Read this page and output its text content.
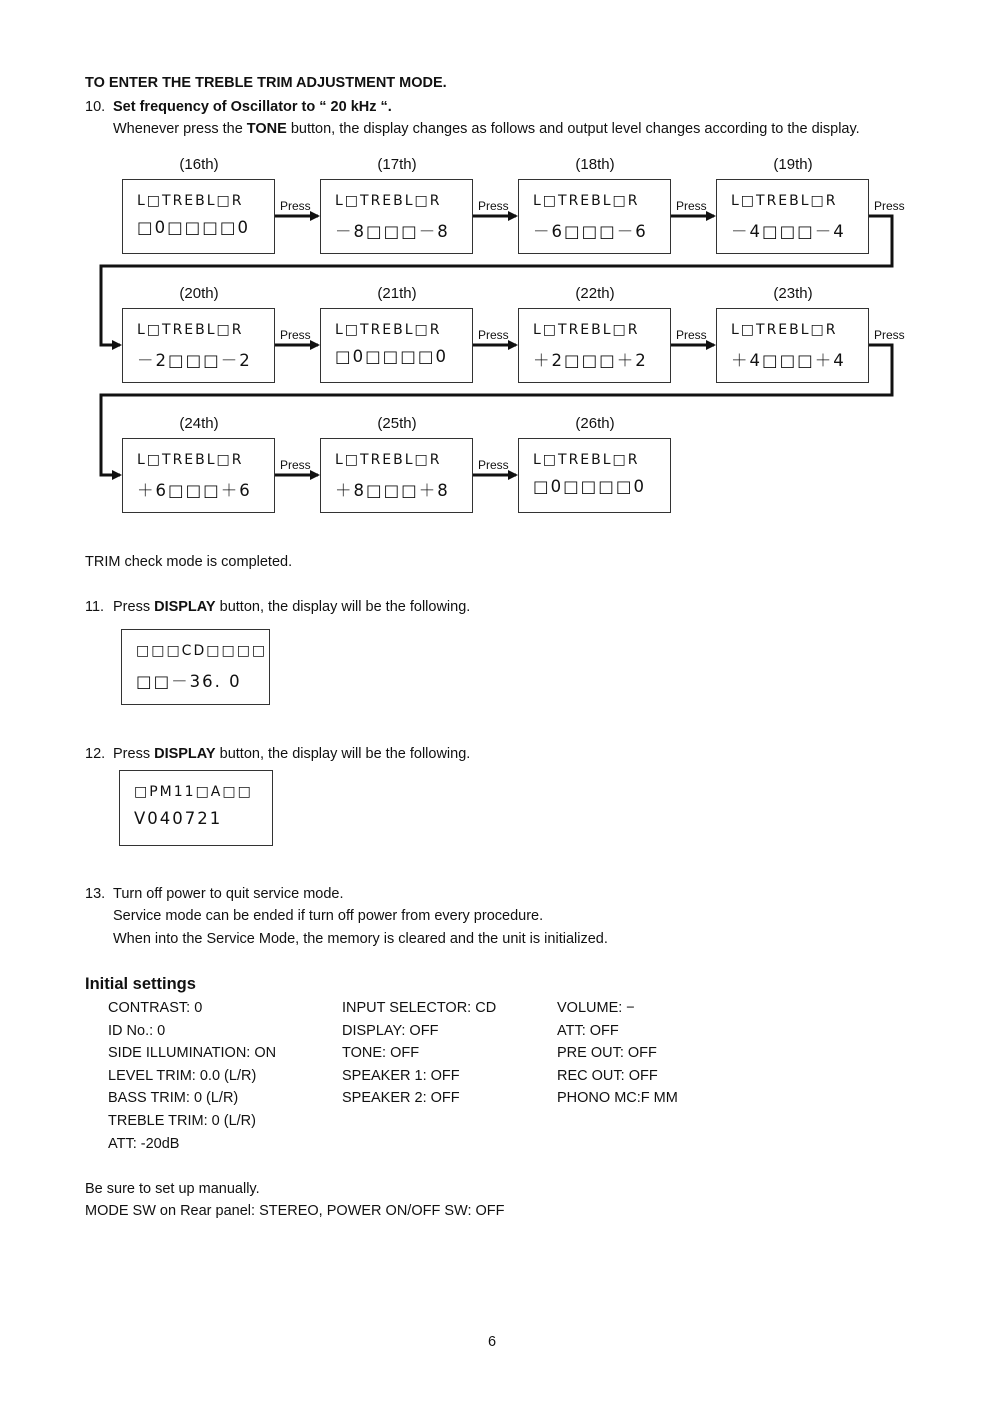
TO ENTER THE TREBLE TRIM ADJUSTMENT MODE.
10. Set frequency of Oscillator to “ 20 kHz “.
Whenever press the TONE button, the display changes as follows and output level changes according to the display.
(16th)
L□TREBL□R
□0□□□□0
Press
(17th)
L□TREBL□R
－8□□□－8
Press
(18th)
L□TREBL□R
－6□□□－6
Press
(19th)
L□TREBL□R
－4□□□－4
Press
(20th)
L□TREBL□R
－2□□□－2
Press
(21th)
L□TREBL□R
□0□□□□0
Press
(22th)
L□TREBL□R
＋2□□□＋2
Press
(23th)
L□TREBL□R
＋4□□□＋4
Press
(24th)
L□TREBL□R
＋6□□□＋6
Press
(25th)
L□TREBL□R
＋8□□□＋8
Press
(26th)
L□TREBL□R
□0□□□□0
TRIM check mode is completed.
11. Press DISPLAY button, the display will be the following.
□□□CD□□□□
□□－36. 0
12. Press DISPLAY button, the display will be the following.
□PM11□A□□
V040721
13. Turn off power to quit service mode.
Service mode can be ended if turn off power from every procedure.
When into the Service Mode, the memory is cleared and the unit is initialized.
Initial settings
CONTRAST: 0
ID No.: 0
SIDE ILLUMINATION: ON
LEVEL TRIM: 0.0 (L/R)
BASS TRIM: 0 (L/R)
TREBLE TRIM: 0 (L/R)
ATT: -20dB
INPUT SELECTOR: CD
DISPLAY: OFF
TONE: OFF
SPEAKER 1: OFF
SPEAKER 2: OFF
VOLUME: −
ATT: OFF
PRE OUT: OFF
REC OUT: OFF
PHONO MC:F MM
Be sure to set up manually.
MODE SW on Rear panel: STEREO, POWER ON/OFF SW: OFF
6
